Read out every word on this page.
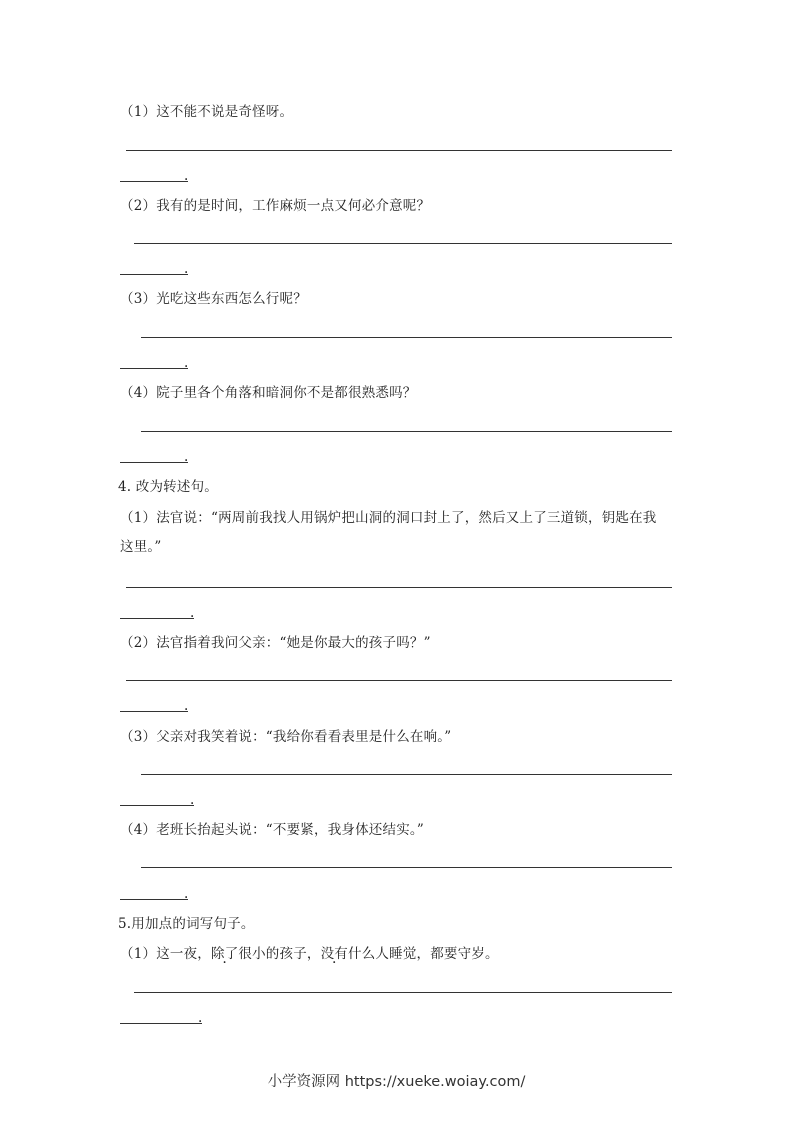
（1）这不能不说是奇怪呀。
.
（2）我有的是时间，工作麻烦一点又何必介意呢？
.
（3）光吃这些东西怎么行呢？
.
（4）院子里各个角落和暗洞你不是都很熟悉吗？
.
4. 改为转述句。
（1）法官说：“两周前我找人用锅炉把山洞的洞口封上了，然后又上了三道锁，钥匙在我
这里。”
.
（2）法官指着我问父亲：“她是你最大的孩子吗？”
.
（3）父亲对我笑着说：“我给你看看表里是什么在响。”
.
（4）老班长抬起头说：“不要紧，我身体还结实。”
.
5.用加点的词写句子。
（1）这一夜，除了很小的孩子，没有什么人睡觉，都要守岁。
.
小学资源网 https://xueke.woiay.com/
